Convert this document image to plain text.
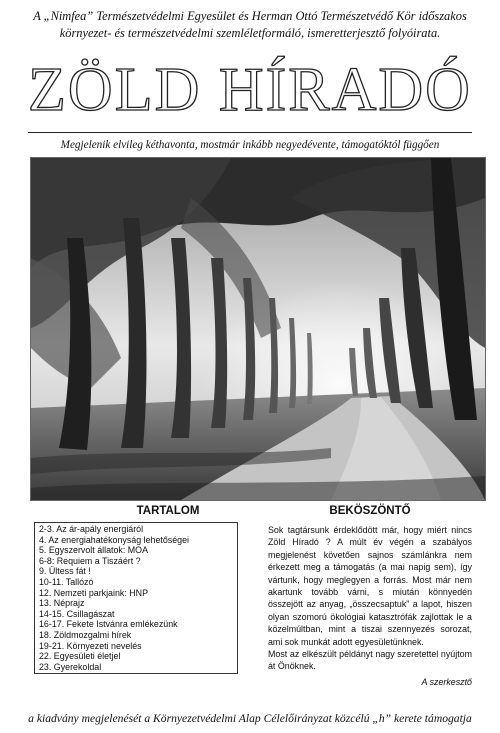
A „Nimfea” Természetvédelmi Egyesület és Herman Ottó Természetvédő Kör időszakos
környezet- és természetvédelmi szemléletformáló, ismeretterjesztő folyóirata.
ZÖLD HÍRADÓ
Megjelenik elvileg kéthavonta, mostmár inkább negyedévente, támogatóktól függően
TARTALOM
2-3. Az ár-apály energiáról
4. Az energiahatékonyság lehetőségei
5. Egyszervolt állatok: MOA
6-8: Requiem a Tiszáért ?
9. Ültess fát !
10-11. Tallózó
12. Nemzeti parkjaink: HNP
13. Néprajz
14-15. Csillagászat
16-17. Fekete Istvánra emlékezünk
18. Zöldmozgalmi hírek
19-21. Környezeti nevelés
22. Egyesületi életjel
23. Gyerekoldal
BEKÖSZÖNTŐ

Sok tagtársunk érdeklődött már, hogy miért nincs Zöld Híradó ? A múlt év végén a szabályos megjelenést követően sajnos számlánkra nem érkezett meg a támogatás (a mai napig sem), így vártunk, hogy meglegyen a forrás. Most már nem akartunk tovább várni, s miután könnyedén összejött az anyag, „összecsaptuk” a lapot, hiszen olyan szomorú ökológiai katasztrófák zajlottak le a közelmúltban, mint a tiszai szennyezés sorozat, ami sok munkát adott egyesületünknek.

Most az elkészült példányt nagy szeretettel nyújtom át Önöknek.

A szerkesztő
a kiadvány megjelenését a Környezetvédelmi Alap Célelőirányzat közcélú „h” kerete támogatja
